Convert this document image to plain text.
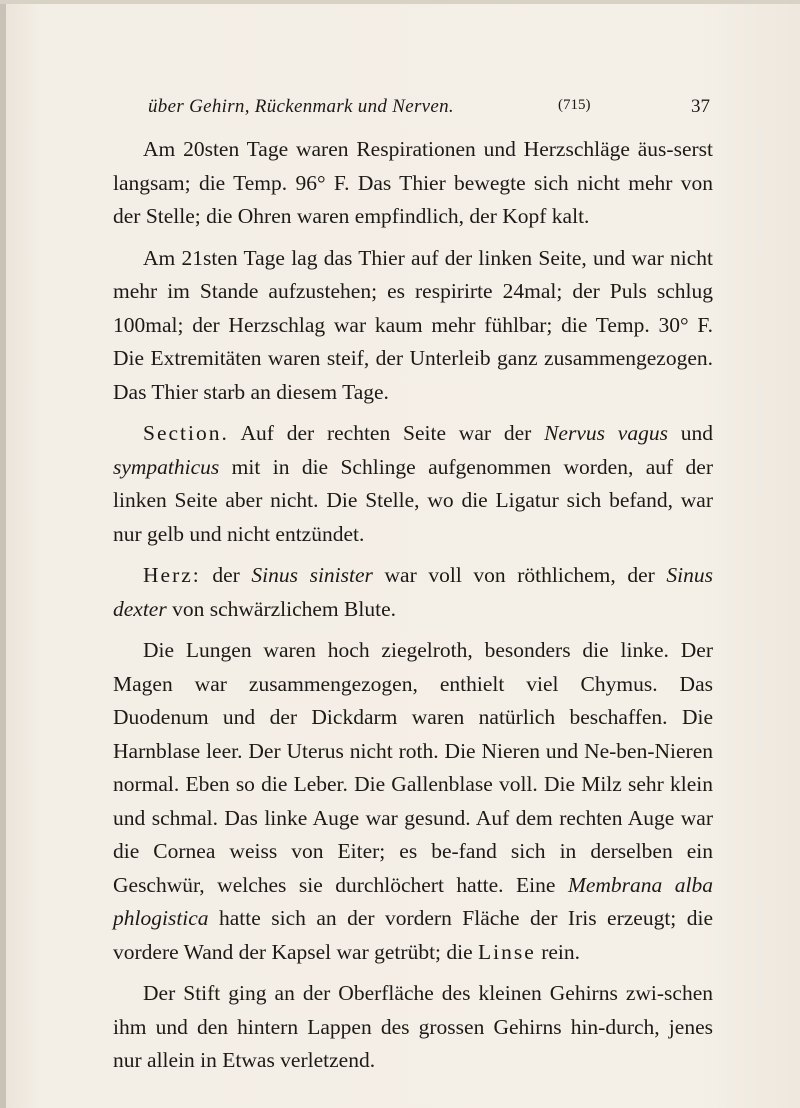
über Gehirn, Rückenmark und Nerven.	(715)	37

Am 20sten Tage waren Respirationen und Herzschläge äus-serst langsam; die Temp. 96° F. Das Thier bewegte sich nicht mehr von der Stelle; die Ohren waren empfindlich, der Kopf kalt.

Am 21sten Tage lag das Thier auf der linken Seite, und war nicht mehr im Stande aufzustehen; es respirirte 24mal; der Puls schlug 100mal; der Herzschlag war kaum mehr fühlbar; die Temp. 30° F. Die Extremitäten waren steif, der Unterleib ganz zusammengezogen. Das Thier starb an diesem Tage.

Section. Auf der rechten Seite war der Nervus vagus und sympathicus mit in die Schlinge aufgenommen worden, auf der linken Seite aber nicht. Die Stelle, wo die Ligatur sich befand, war nur gelb und nicht entzündet.

Herz: der Sinus sinister war voll von röthlichem, der Sinus dexter von schwärzlichem Blute.

Die Lungen waren hoch ziegelroth, besonders die linke. Der Magen war zusammengezogen, enthielt viel Chymus. Das Duodenum und der Dickdarm waren natürlich beschaffen. Die Harnblase leer. Der Uterus nicht roth. Die Nieren und Ne-ben-Nieren normal. Eben so die Leber. Die Gallenblase voll. Die Milz sehr klein und schmal. Das linke Auge war gesund. Auf dem rechten Auge war die Cornea weiss von Eiter; es be-fand sich in derselben ein Geschwür, welches sie durchlöchert hatte. Eine Membrana alba phlogistica hatte sich an der vordern Fläche der Iris erzeugt; die vordere Wand der Kapsel war getrübt; die Linse rein.

Der Stift ging an der Oberfläche des kleinen Gehirns zwi-schen ihm und den hintern Lappen des grossen Gehirns hin-durch, jenes nur allein in Etwas verletzend.
